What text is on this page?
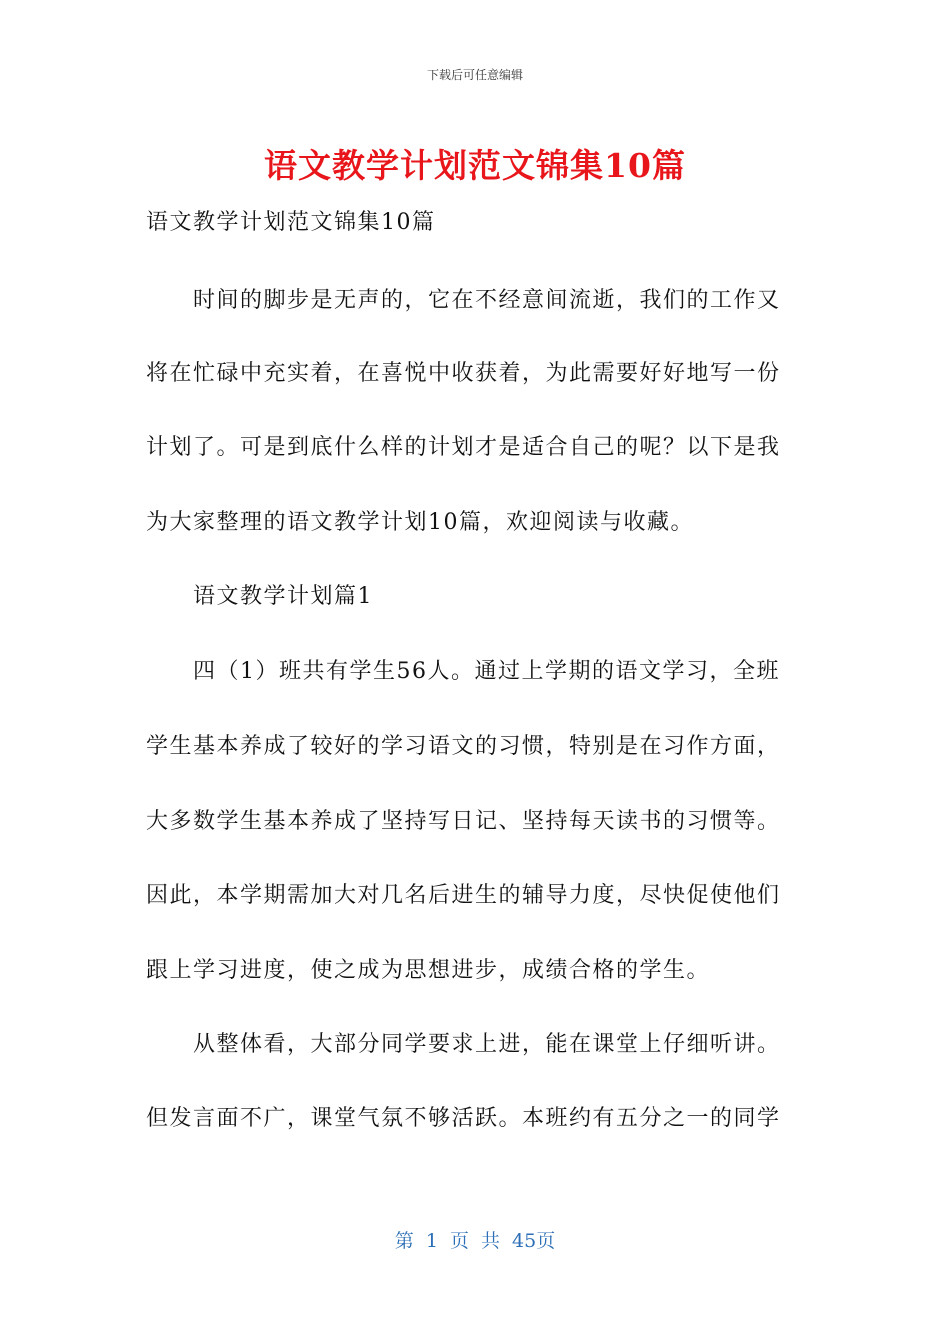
下载后可任意编辑
语文教学计划范文锦集10篇
语文教学计划范文锦集10篇
　　时间的脚步是无声的，它在不经意间流逝，我们的工作又
将在忙碌中充实着，在喜悦中收获着，为此需要好好地写一份
计划了。可是到底什么样的计划才是适合自己的呢？以下是我
为大家整理的语文教学计划10篇，欢迎阅读与收藏。
　　语文教学计划篇1
　　四（1）班共有学生56人。通过上学期的语文学习，全班
学生基本养成了较好的学习语文的习惯，特别是在习作方面，
大多数学生基本养成了坚持写日记、坚持每天读书的习惯等。
因此，本学期需加大对几名后进生的辅导力度，尽快促使他们
跟上学习进度，使之成为思想进步，成绩合格的学生。
　　从整体看，大部分同学要求上进，能在课堂上仔细听讲。
但发言面不广，课堂气氛不够活跃。本班约有五分之一的同学
第 1 页 共 45页
